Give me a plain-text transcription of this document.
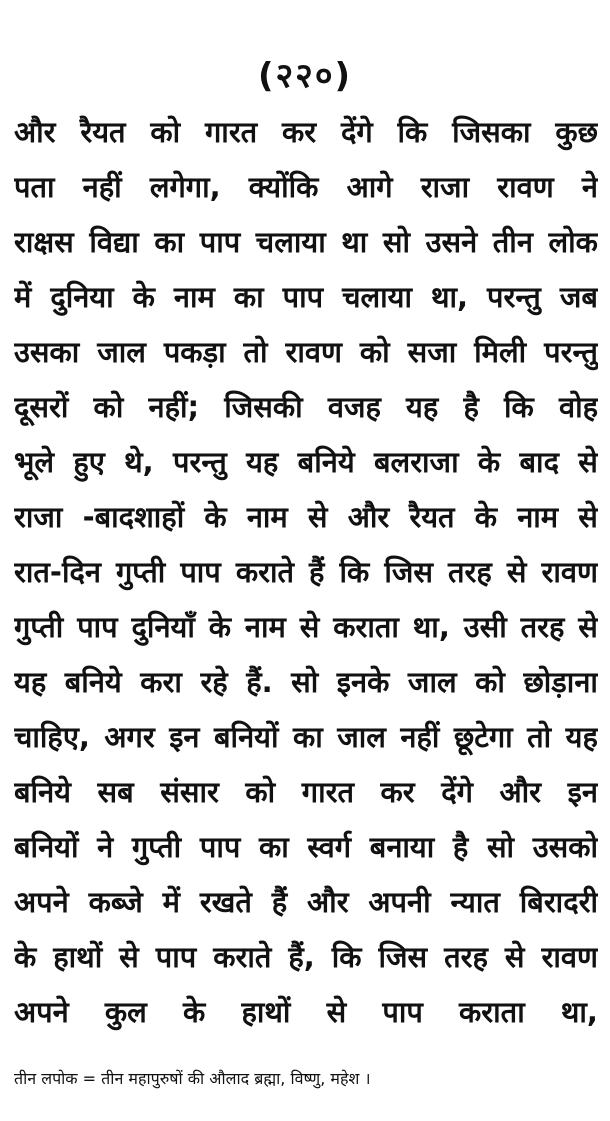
(२२०)
और रैयत को गारत कर देंगे कि जिसका कुछ
पता नहीं लगेगा, क्योंकि आगे राजा रावण ने
राक्षस विद्या का पाप चलाया था सो उसने तीन लोक
में दुनिया के नाम का पाप चलाया था, परन्तु जब
उसका जाल पकड़ा तो रावण को सजा मिली परन्तु
दूसरों को नहीं; जिसकी वजह यह है कि वोह
भूले हुए थे, परन्तु यह बनिये बलराजा के बाद से
राजा -बादशाहों के नाम से और रैयत के नाम से
रात-दिन गुप्ती पाप कराते हैं कि जिस तरह से रावण
गुप्ती पाप दुनियाँ के नाम से कराता था, उसी तरह से
यह बनिये करा रहे हैं. सो इनके जाल को छोड़ाना
चाहिए, अगर इन बनियों का जाल नहीं छूटेगा तो यह
बनिये सब संसार को गारत कर देंगे और इन
बनियों ने गुप्ती पाप का स्वर्ग बनाया है सो उसको
अपने कब्जे में रखते हैं और अपनी न्यात बिरादरी
के हाथों से पाप कराते हैं, कि जिस तरह से रावण
अपने कुल के हाथों से पाप कराता था,
तीन लपोक = तीन महापुरुषों की औलाद ब्रह्मा, विष्णु, महेश ।
